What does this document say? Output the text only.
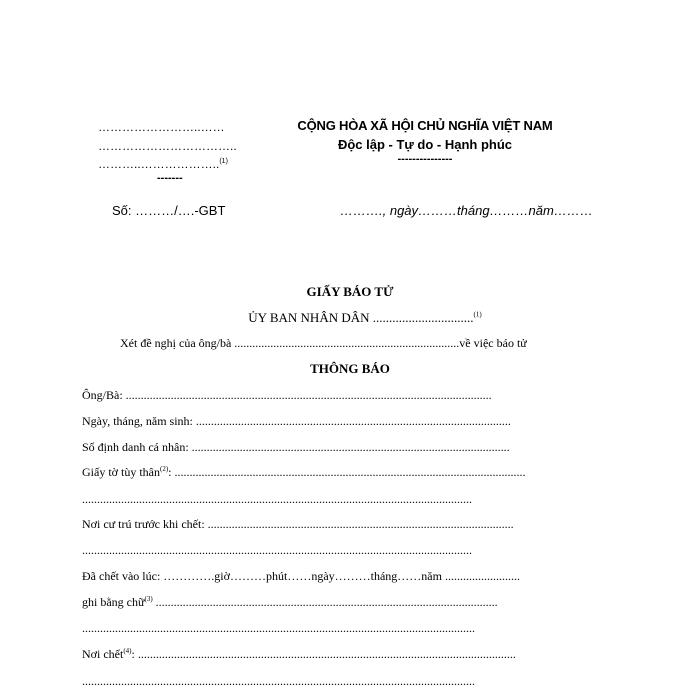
……………………..……
……………………………..
………..………………..$^{(1)}$
-------
CỘNG HÒA XÃ HỘI CHỦ NGHĨA VIỆT NAM
Độc lập - Tự do - Hạnh phúc
---------------
Số: ………/….-GBT	………., ngày………tháng………năm………
GIẤY BÁO TỬ
ỦY BAN NHÂN DÂN ...............................$^{(1)}$
Xét đề nghị của ông/bà ...........................................................................về việc báo tử
THÔNG BÁO
Ông/Bà: ..........................................................................................................................
Ngày, tháng, năm sinh: .........................................................................................................
Số định danh cá nhân: ..........................................................................................................
Giấy tờ tùy thân$^{(2)}$: .....................................................................................................................
..................................................................................................................................
Nơi cư trú trước khi chết: ......................................................................................................
..................................................................................................................................
Đã chết vào lúc: ………….giờ………phút……ngày………tháng……năm .........................
ghi bằng chữ$^{(3)}$ ..................................................................................................................
...................................................................................................................................
Nơi chết$^{(4)}$: ..............................................................................................................................
...................................................................................................................................
